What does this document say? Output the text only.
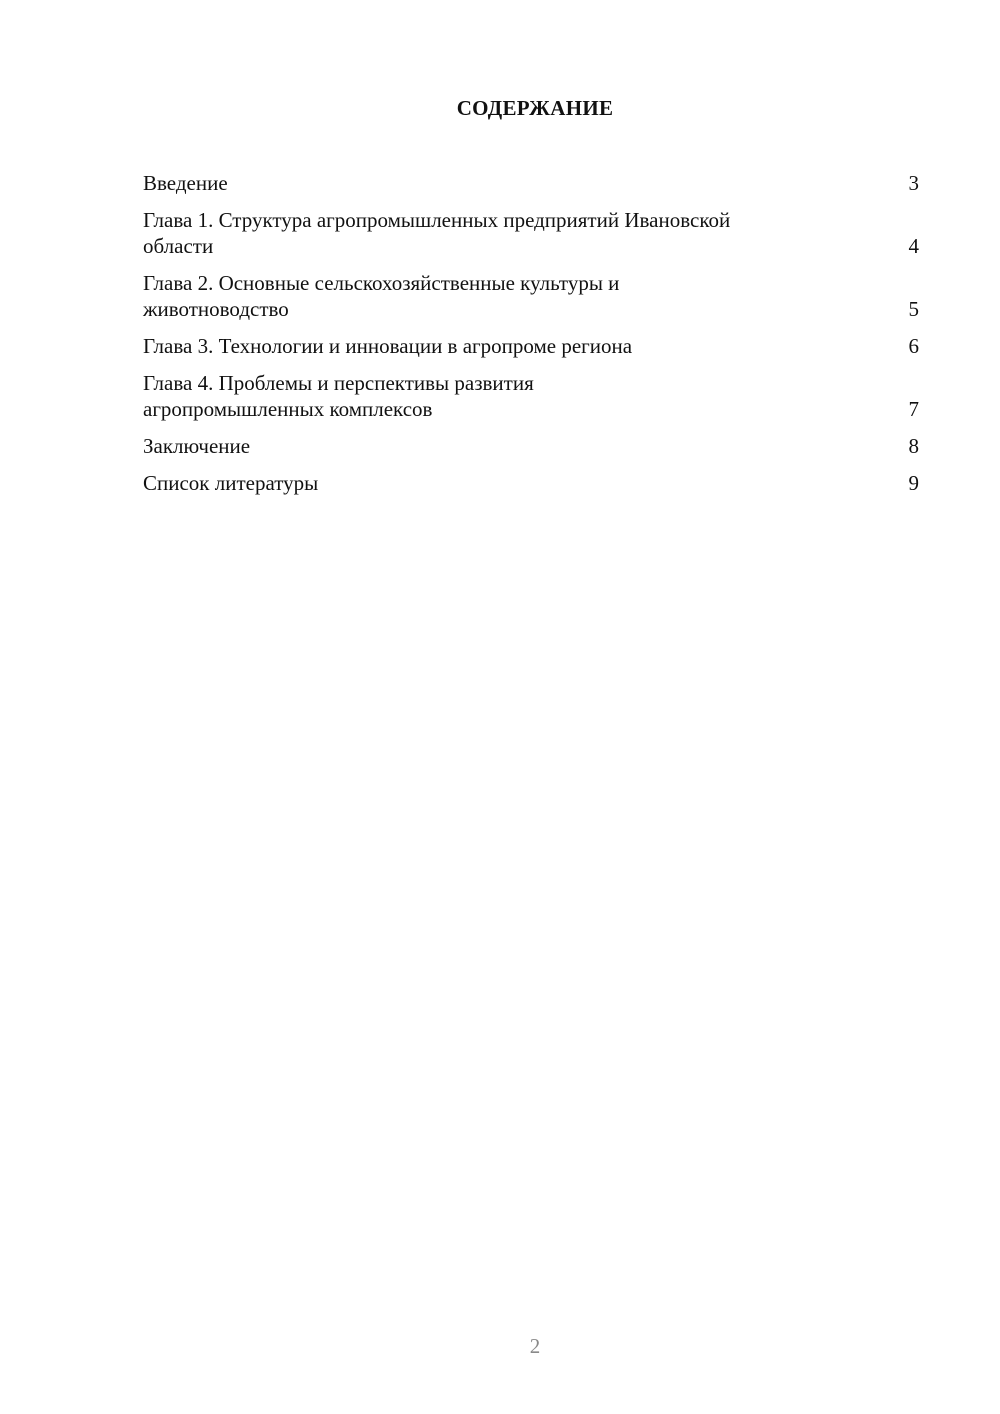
СОДЕРЖАНИЕ
Введение	3
Глава 1. Структура агропромышленных предприятий Ивановской области	4
Глава 2. Основные сельскохозяйственные культуры и животноводство	5
Глава 3. Технологии и инновации в агропроме региона	6
Глава 4. Проблемы и перспективы развития агропромышленных комплексов	7
Заключение	8
Список литературы	9
2
